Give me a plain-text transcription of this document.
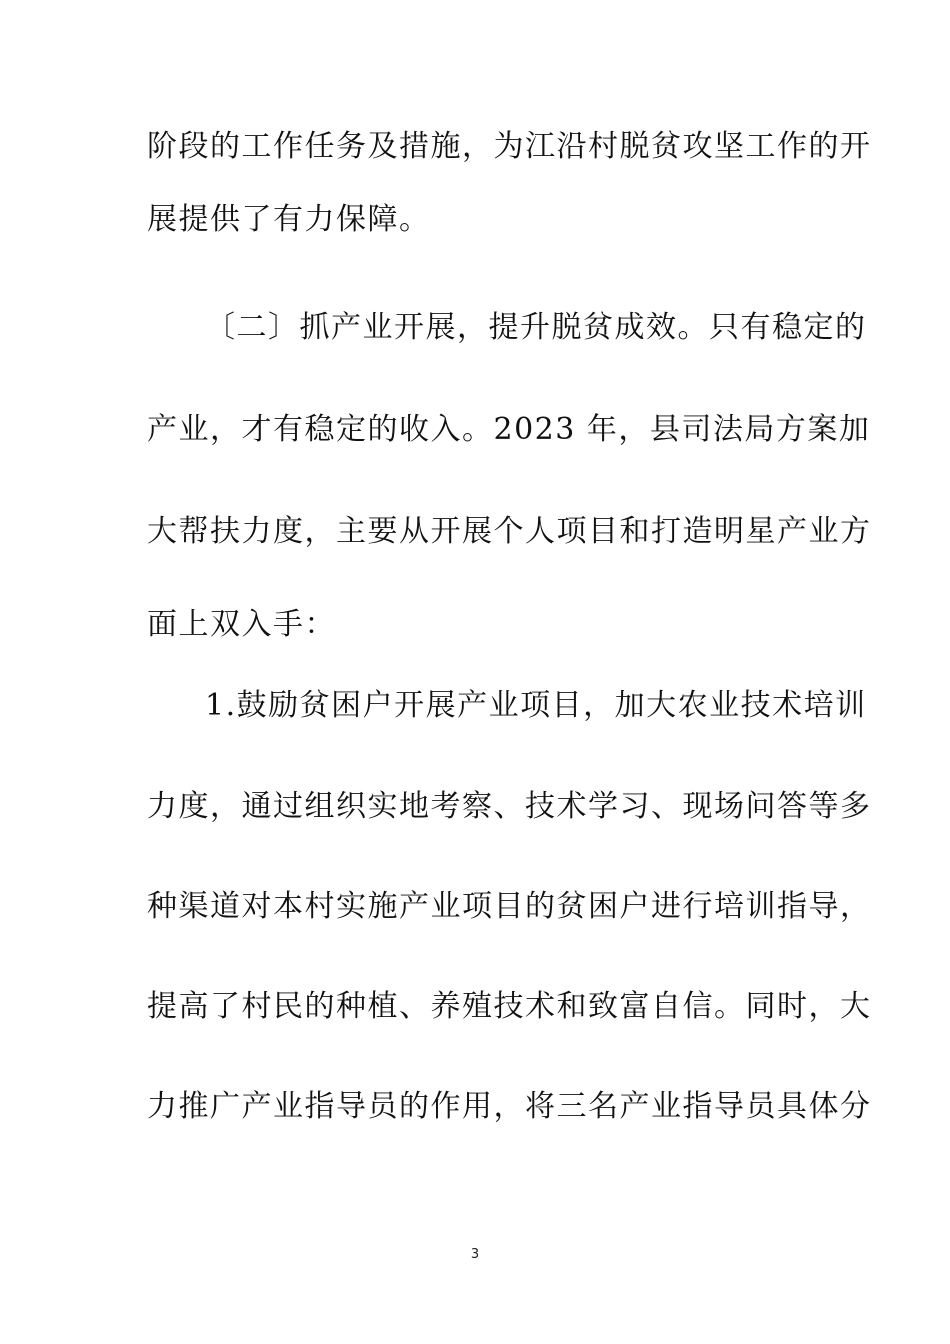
阶段的工作任务及措施，为江沿村脱贫攻坚工作的开
展提供了有力保障。
〔二〕抓产业开展，提升脱贫成效。只有稳定的
产业，才有稳定的收入。2023 年，县司法局方案加
大帮扶力度，主要从开展个人项目和打造明星产业方
面上双入手：
1.鼓励贫困户开展产业项目，加大农业技术培训
力度，通过组织实地考察、技术学习、现场问答等多
种渠道对本村实施产业项目的贫困户进行培训指导，
提高了村民的种植、养殖技术和致富自信。同时，大
力推广产业指导员的作用，将三名产业指导员具体分
3
